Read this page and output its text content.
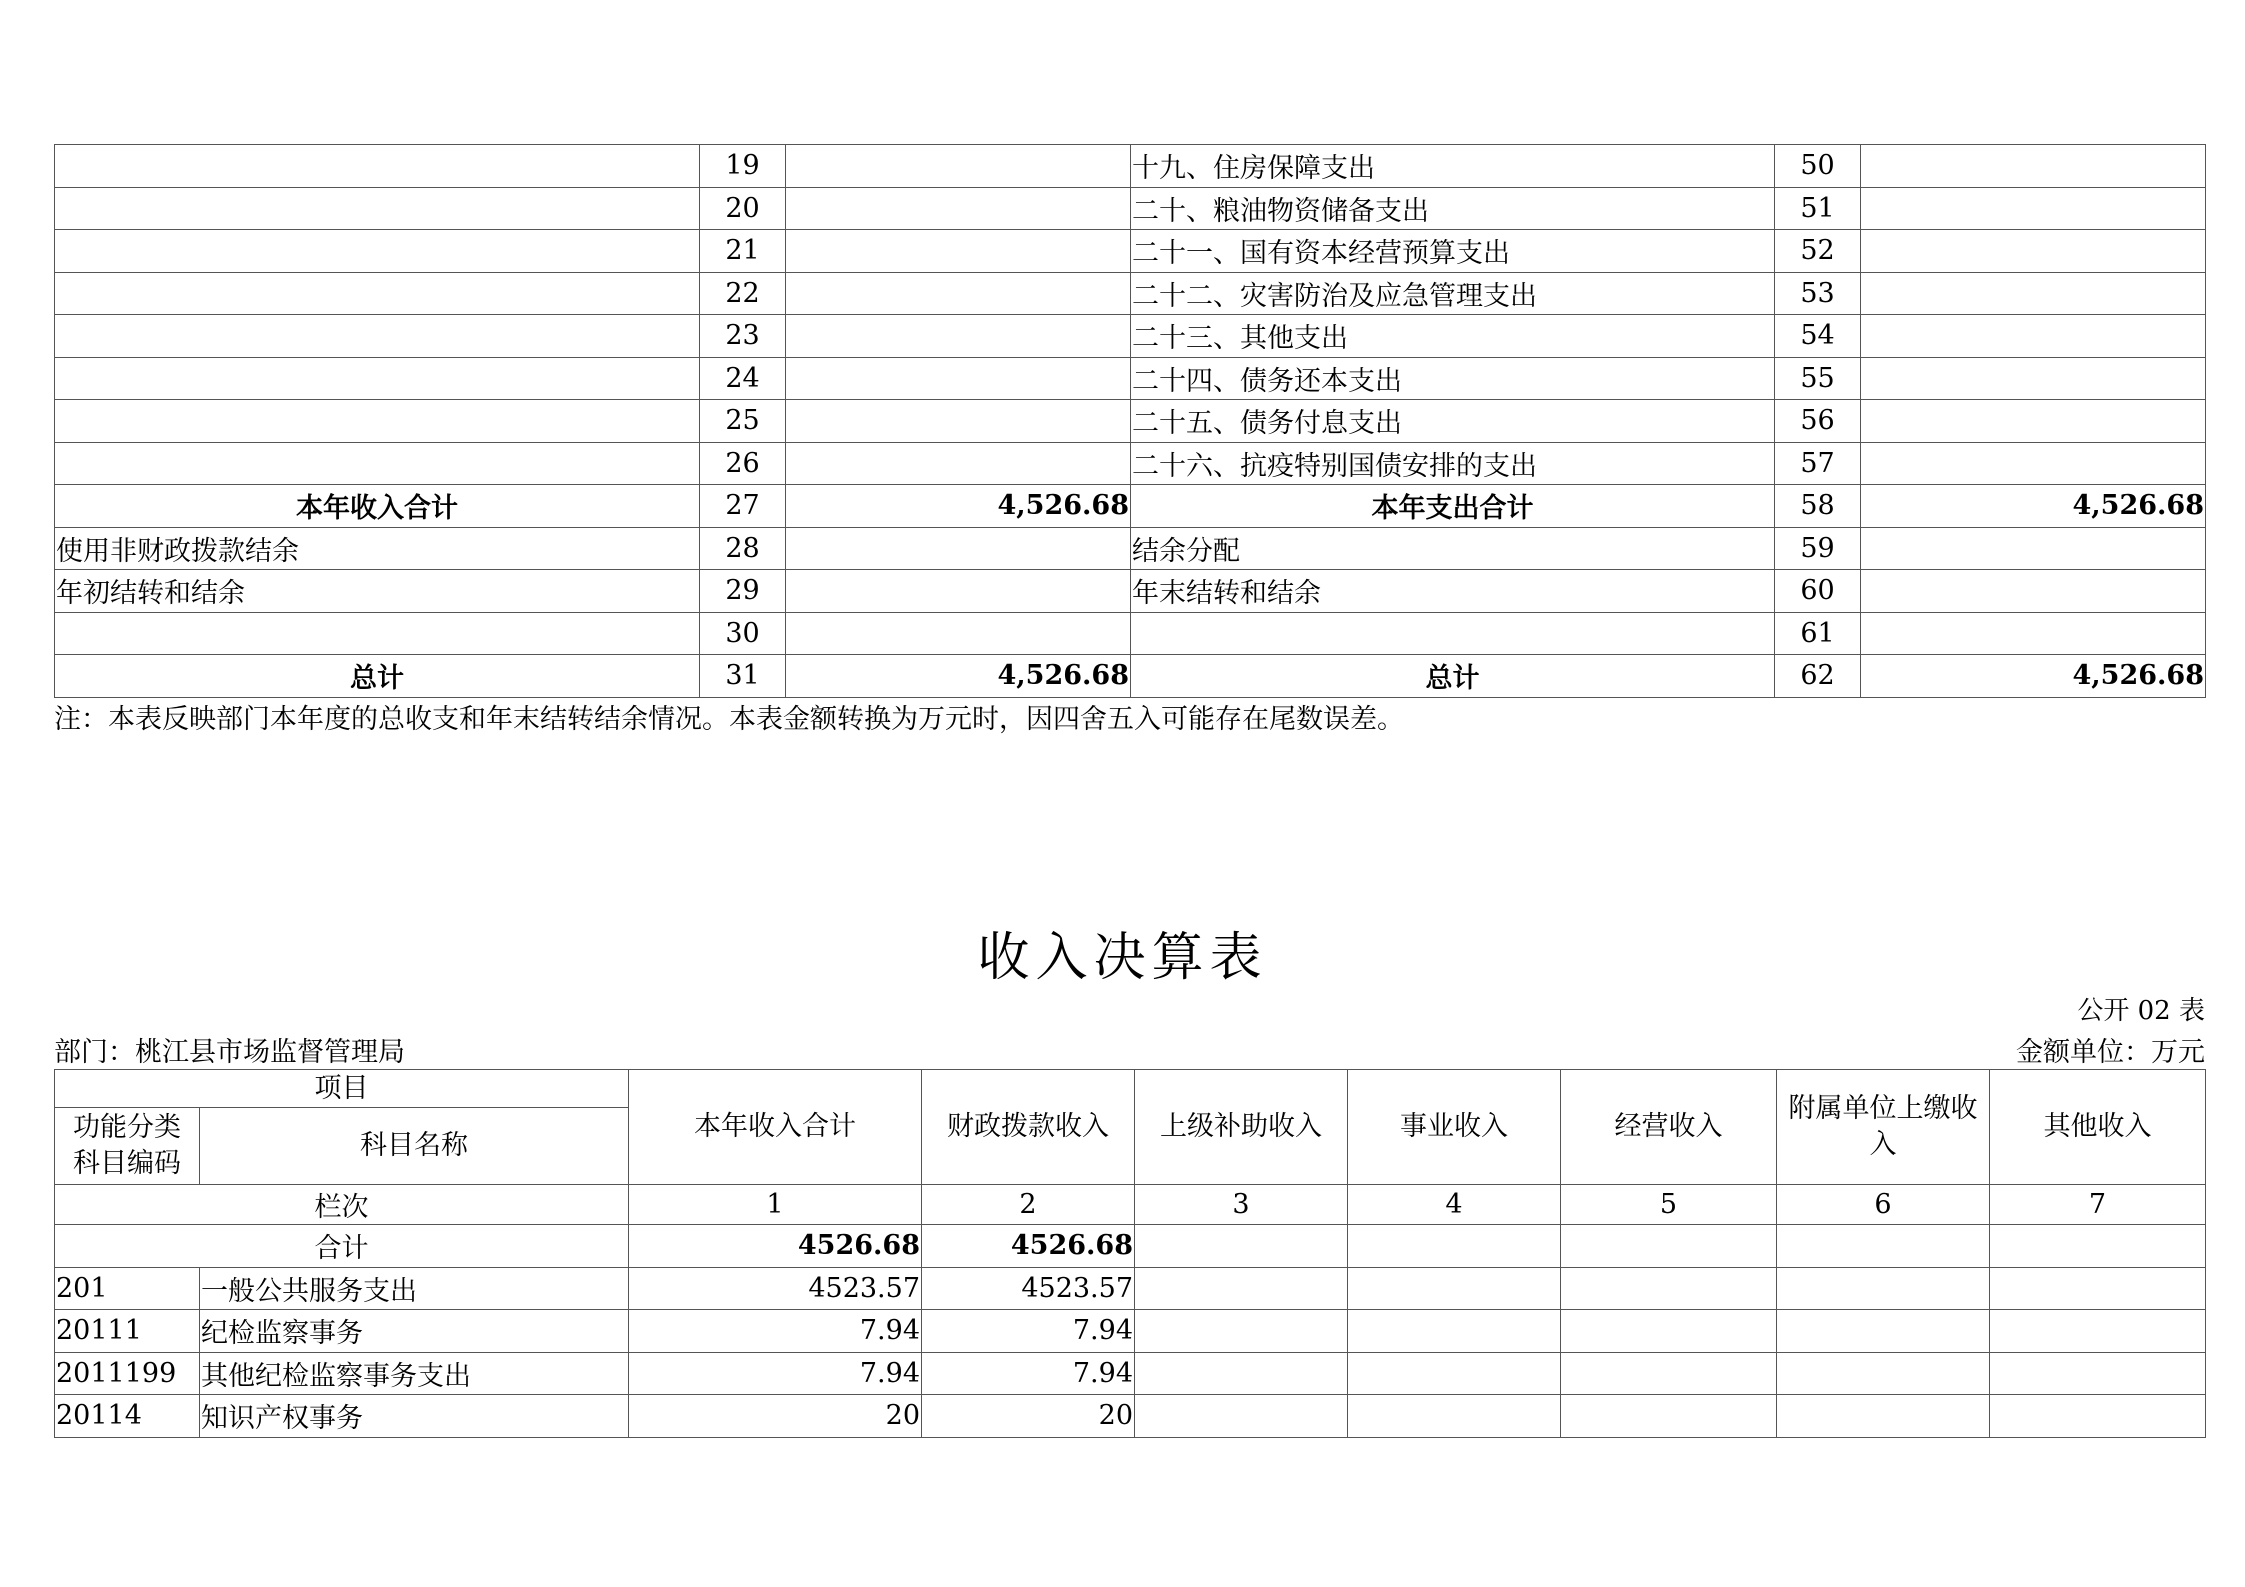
	19		十九、住房保障支出	50	
	20		二十、粮油物资储备支出	51	
	21		二十一、国有资本经营预算支出	52	
	22		二十二、灾害防治及应急管理支出	53	
	23		二十三、其他支出	54	
	24		二十四、债务还本支出	55	
	25		二十五、债务付息支出	56	
	26		二十六、抗疫特别国债安排的支出	57	
本年收入合计	27	4,526.68	本年支出合计	58	4,526.68
使用非财政拨款结余	28		结余分配	59	
年初结转和结余	29		年末结转和结余	60	
	30			61	
总计	31	4,526.68	总计	62	4,526.68
注：本表反映部门本年度的总收支和年末结转结余情况。本表金额转换为万元时，因四舍五入可能存在尾数误差。
收入决算表
公开 02 表
部门：桃江县市场监督管理局	金额单位：万元
项目		本年收入合计	财政拨款收入	上级补助收入	事业收入	经营收入	附属单位上缴收入	其他收入
功能分类科目编码	科目名称							
栏次		1	2	3	4	5	6	7
合计		4526.68	4526.68					
201	一般公共服务支出	4523.57	4523.57					
20111	纪检监察事务	7.94	7.94					
2011199	其他纪检监察事务支出	7.94	7.94					
20114	知识产权事务	20	20					
